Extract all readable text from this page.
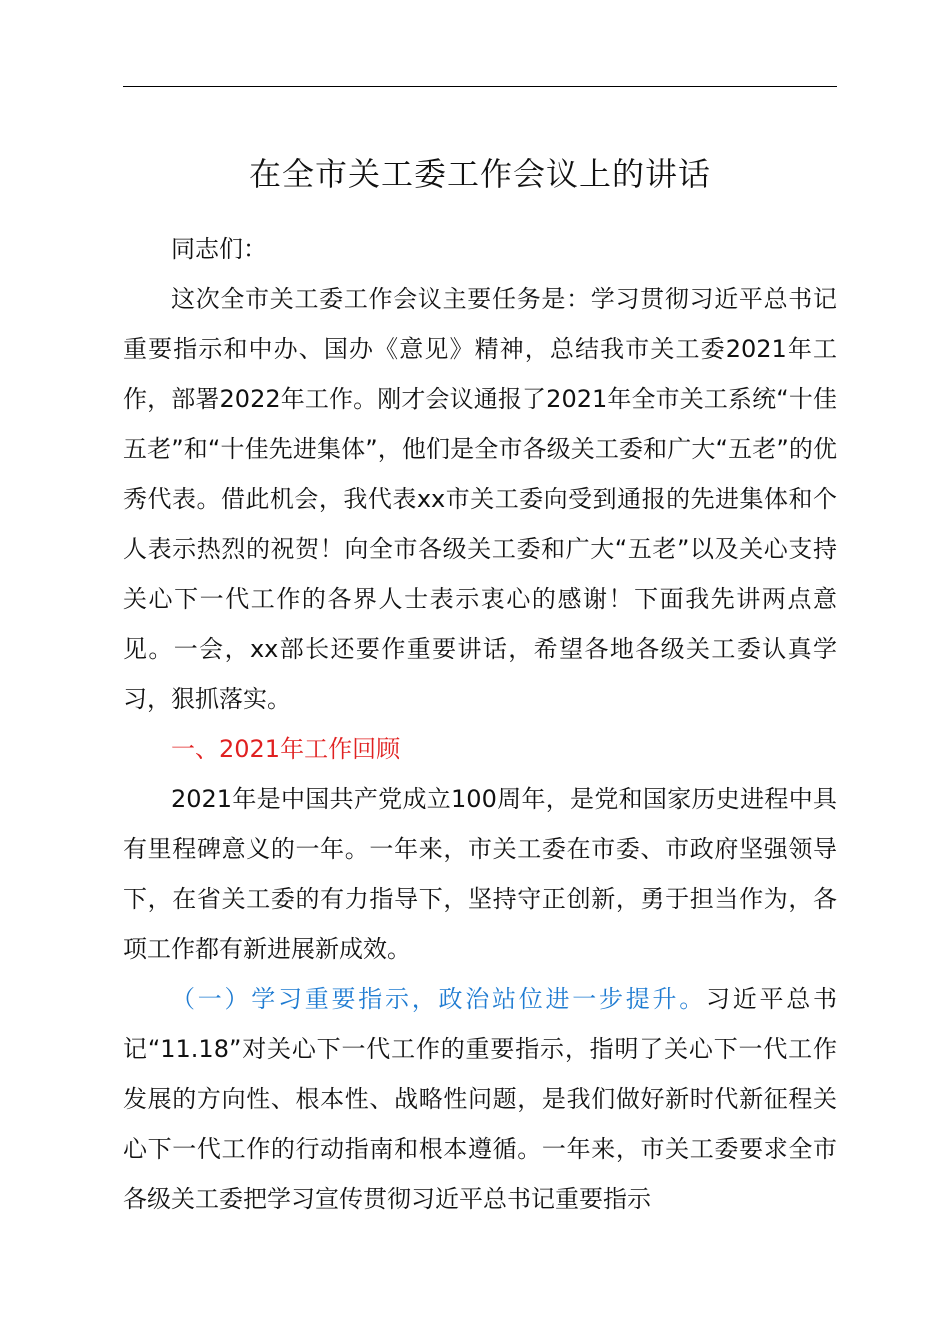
在全市关工委工作会议上的讲话

同志们：

这次全市关工委工作会议主要任务是：学习贯彻习近平总书记重要指示和中办、国办《意见》精神，总结我市关工委2021年工作，部署2022年工作。刚才会议通报了2021年全市关工系统“十佳五老”和“十佳先进集体”，他们是全市各级关工委和广大“五老”的优秀代表。借此机会，我代表xx市关工委向受到通报的先进集体和个人表示热烈的祝贺！向全市各级关工委和广大“五老”以及关心支持关心下一代工作的各界人士表示衷心的感谢！下面我先讲两点意见。一会，xx部长还要作重要讲话，希望各地各级关工委认真学习，狠抓落实。

一、2021年工作回顾

2021年是中国共产党成立100周年，是党和国家历史进程中具有里程碑意义的一年。一年来，市关工委在市委、市政府坚强领导下，在省关工委的有力指导下，坚持守正创新，勇于担当作为，各项工作都有新进展新成效。

（一）学习重要指示，政治站位进一步提升。习近平总书记“11.18”对关心下一代工作的重要指示，指明了关心下一代工作发展的方向性、根本性、战略性问题，是我们做好新时代新征程关心下一代工作的行动指南和根本遵循。一年来，市关工委要求全市各级关工委把学习宣传贯彻习近平总书记重要指示
